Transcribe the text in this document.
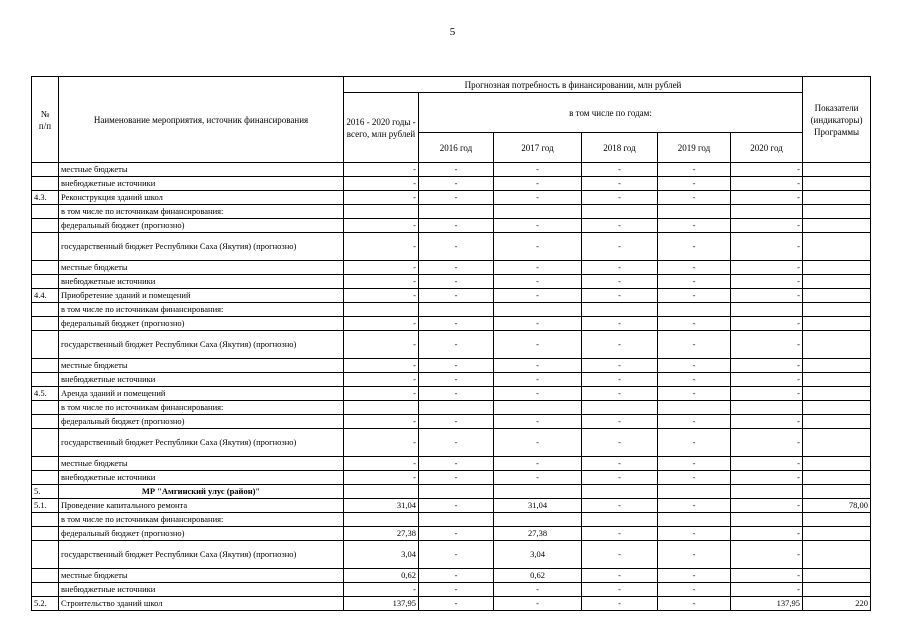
5
№
п/п	Наименование мероприятия, источник финансирования	Прогнозная потребность в финансировании, млн рублей						Показатели (индикаторы) Программы
		2016 - 2020 годы - всего, млн рублей	в том числе по годам:					
			2016 год	2017 год	2018 год	2019 год	2020 год	
	местные бюджеты	-	-	-	-	-	-	
	внебюджетные источники	-	-	-	-	-	-	
4.3.	Реконструкция зданий школ	-	-	-	-	-	-	
	в том числе по источникам финансирования:							
	федеральный бюджет (прогнозно)	-	-	-	-	-	-	
	государственный бюджет Республики Саха (Якутия) (прогнозно)	-	-	-	-	-	-	
	местные бюджеты	-	-	-	-	-	-	
	внебюджетные источники	-	-	-	-	-	-	
4.4.	Приобретение зданий и помещений	-	-	-	-	-	-	
	в том числе по источникам финансирования:							
	федеральный бюджет (прогнозно)	-	-	-	-	-	-	
	государственный бюджет Республики Саха (Якутия) (прогнозно)	-	-	-	-	-	-	
	местные бюджеты	-	-	-	-	-	-	
	внебюджетные источники	-	-	-	-	-	-	
4.5.	Аренда зданий и помещений	-	-	-	-	-	-	
	в том числе по источникам финансирования:							
	федеральный бюджет (прогнозно)	-	-	-	-	-	-	
	государственный бюджет Республики Саха (Якутия) (прогнозно)	-	-	-	-	-	-	
	местные бюджеты	-	-	-	-	-	-	
	внебюджетные источники	-	-	-	-	-	-	
5.	МР "Амгинский улус (район)"							
5.1.	Проведение капитального ремонта	31,04	-	31,04	-	-	-	78,00
	в том числе по источникам финансирования:							
	федеральный бюджет (прогнозно)	27,38	-	27,38	-	-	-	
	государственный бюджет Республики Саха (Якутия) (прогнозно)	3,04	-	3,04	-	-	-	
	местные бюджеты	0,62	-	0,62	-	-	-	
	внебюджетные источники	-	-	-	-	-	-	
5.2.	Строительство зданий школ	137,95	-	-	-	-	137,95	220
